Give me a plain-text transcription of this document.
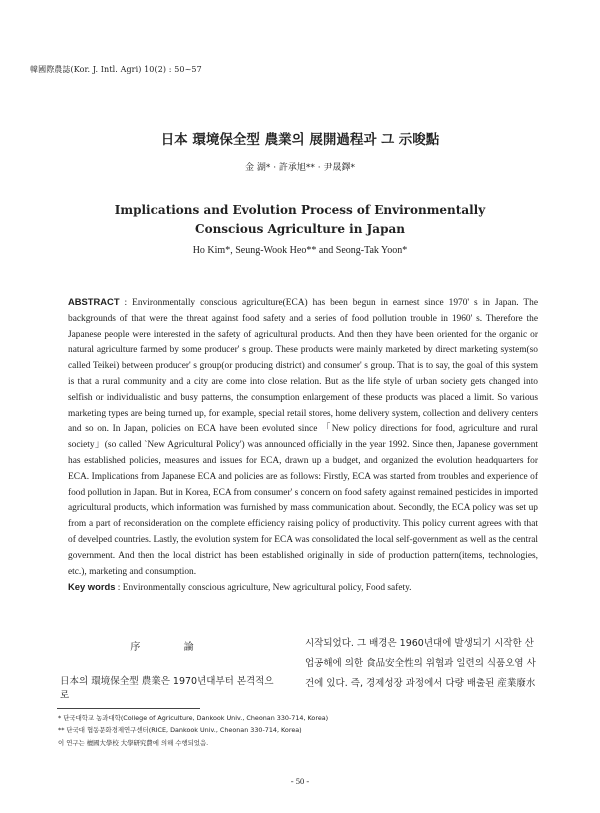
韓國際農誌(Kor. J. Intl. Agri) 10(2) : 50~57
日本 環境保全型 農業의 展開過程과 그 示唆點
金 湖* · 許承旭** · 尹晟鐸*
Implications and Evolution Process of Environmentally
Conscious Agriculture in Japan
Ho Kim*, Seung-Wook Heo** and Seong-Tak Yoon*
ABSTRACT : Environmentally conscious agriculture(ECA) has been begun in earnest since 1970' s in Japan. The backgrounds of that were the threat against food safety and a series of food pollution trouble in 1960' s. Therefore the Japanese people were interested in the safety of agricultural products. And then they have been oriented for the organic or natural agriculture farmed by some producer' s group. These products were mainly marketed by direct marketing system(so called Teikei) between producer' s group(or producing district) and consumer' s group. That is to say, the goal of this system is that a rural community and a city are come into close relation. But as the life style of urban society gets changed into selfish or individualistic and busy patterns, the consumption enlargement of these products was placed a limit. So various marketing types are being turned up, for example, special retail stores, home delivery system, collection and delivery centers and so on. In Japan, policies on ECA have been evoluted since 「New policy directions for food, agriculture and rural society」(so called `New Agricultural Policy') was announced officially in the year 1992. Since then, Japanese government has established policies, measures and issues for ECA, drawn up a budget, and organized the evolution headquarters for ECA. Implications from Japanese ECA and policies are as follows: Firstly, ECA was started from troubles and experience of food pollution in Japan. But in Korea, ECA from consumer' s concern on food safety against remained pesticides in imported agricultural products, which information was furnished by mass communication about. Secondly, the ECA policy was set up from a part of reconsideration on the complete efficiency raising policy of productivity. This policy current agrees with that of develped countries. Lastly, the evolution system for ECA was consolidated the local self-government as well as the central government. And then the local district has been established originally in side of production pattern(items, technologies, etc.), marketing and consumption.
Key words : Environmentally conscious agriculture, New agricultural policy, Food safety.
序 論

日本의 環境保全型 農業은 1970년대부터 본격적으로

시작되었다. 그 배경은 1960년대에 발생되기 시작한 산

업공해에 의한 食品安全性의 위협과 일련의 식품오염 사

건에 있다. 즉, 경제성장 과정에서 다량 배출된 産業廢水

* 단국대학교 농과대학(College of Agriculture, Dankook Univ., Cheonan 330-714, Korea)
** 단국대 협동문화경제연구센터(RICE, Dankook Univ., Cheonan 330-714, Korea)
이 연구는 檀國大學校 大學研究費에 의해 수행되었음.
- 50 -
